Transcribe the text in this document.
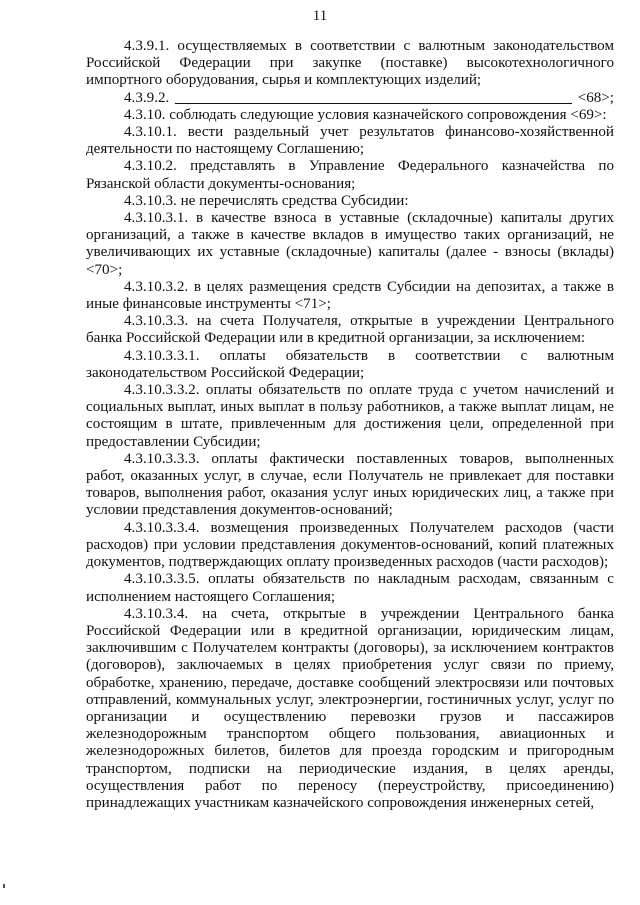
11

4.3.9.1. осуществляемых в соответствии с валютным законодательством Российской Федерации при закупке (поставке) высокотехнологичного импортного оборудования, сырья и комплектующих изделий;

4.3.9.2.	<68>;

4.3.10. соблюдать следующие условия казначейского сопровождения <69>:

4.3.10.1. вести раздельный учет результатов финансово-хозяйственной деятельности по настоящему Соглашению;

4.3.10.2. представлять в Управление Федерального казначейства по Рязанской области документы-основания;

4.3.10.3. не перечислять средства Субсидии:

4.3.10.3.1. в качестве взноса в уставные (складочные) капиталы других организаций, а также в качестве вкладов в имущество таких организаций, не увеличивающих их уставные (складочные) капиталы (далее - взносы (вклады) <70>;

4.3.10.3.2. в целях размещения средств Субсидии на депозитах, а также в иные финансовые инструменты <71>;

4.3.10.3.3. на счета Получателя, открытые в учреждении Центрального банка Российской Федерации или в кредитной организации, за исключением:

4.3.10.3.3.1. оплаты обязательств в соответствии с валютным законодательством Российской Федерации;

4.3.10.3.3.2. оплаты обязательств по оплате труда с учетом начислений и социальных выплат, иных выплат в пользу работников, а также выплат лицам, не состоящим в штате, привлеченным для достижения цели, определенной при предоставлении Субсидии;

4.3.10.3.3.3. оплаты фактически поставленных товаров, выполненных работ, оказанных услуг, в случае, если Получатель не привлекает для поставки товаров, выполнения работ, оказания услуг иных юридических лиц, а также при условии представления документов-оснований;

4.3.10.3.3.4. возмещения произведенных Получателем расходов (части расходов) при условии представления документов-оснований, копий платежных документов, подтверждающих оплату произведенных расходов (части расходов);

4.3.10.3.3.5. оплаты обязательств по накладным расходам, связанным с исполнением настоящего Соглашения;

4.3.10.3.4. на счета, открытые в учреждении Центрального банка Российской Федерации или в кредитной организации, юридическим лицам, заключившим с Получателем контракты (договоры), за исключением контрактов (договоров), заключаемых в целях приобретения услуг связи по приему, обработке, хранению, передаче, доставке сообщений электросвязи или почтовых отправлений, коммунальных услуг, электроэнергии, гостиничных услуг, услуг по организации и осуществлению перевозки грузов и пассажиров железнодорожным транспортом общего пользования, авиационных и железнодорожных билетов, билетов для проезда городским и пригородным транспортом, подписки на периодические издания, в целях аренды, осуществления работ по переносу (переустройству, присоединению) принадлежащих участникам казначейского сопровождения инженерных сетей,
